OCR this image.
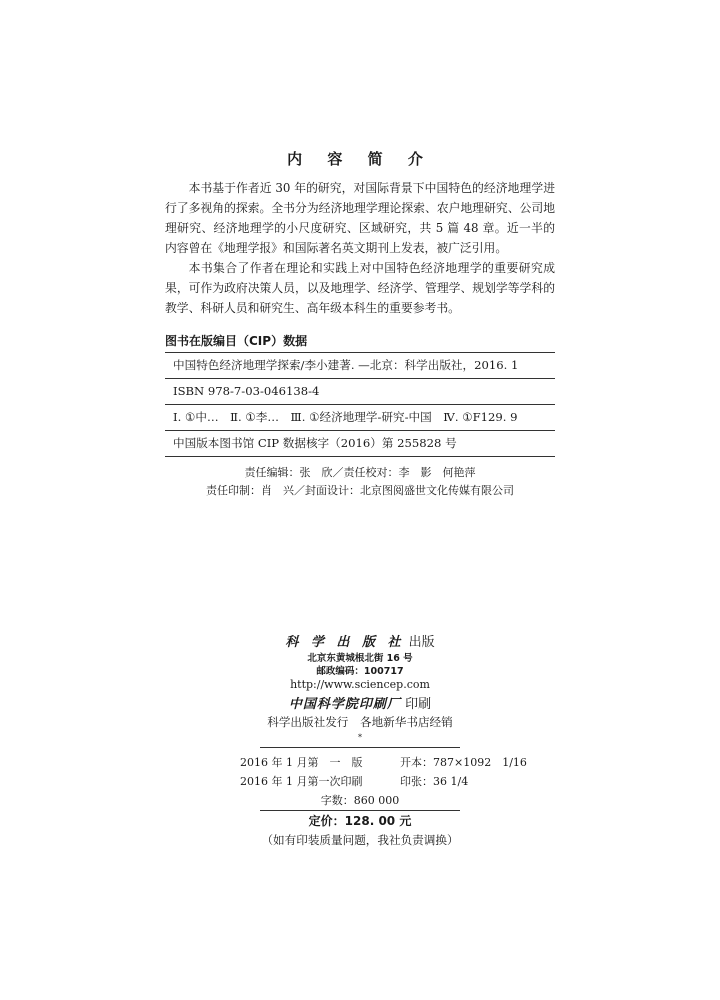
内 容 简 介

本书基于作者近 30 年的研究，对国际背景下中国特色的经济地理学进行了多视角的探索。全书分为经济地理学理论探索、农户地理研究、公司地理研究、经济地理学的小尺度研究、区域研究，共 5 篇 48 章。近一半的内容曾在《地理学报》和国际著名英文期刊上发表，被广泛引用。

本书集合了作者在理论和实践上对中国特色经济地理学的重要研究成果，可作为政府决策人员，以及地理学、经济学、管理学、规划学等学科的教学、科研人员和研究生、高年级本科生的重要参考书。

图书在版编目（CIP）数据
中国特色经济地理学探索/李小建著. —北京：科学出版社，2016. 1
ISBN 978-7-03-046138-4
Ⅰ. ①中…　Ⅱ. ①李…　Ⅲ. ①经济地理学-研究-中国　Ⅳ. ①F129. 9
中国版本图书馆 CIP 数据核字（2016）第 255828 号
责任编辑：张　欣／责任校对：李　影　何艳萍
责任印制：肖　兴／封面设计：北京图阅盛世文化传媒有限公司
科 学 出 版 社 出版
北京东黄城根北街 16 号
邮政编码：100717
http://www.sciencep.com
中国科学院印刷厂 印刷
科学出版社发行　各地新华书店经销
*
2016 年 1 月第　一　版	开本：787×1092　1/16
2016 年 1 月第一次印刷	印张：36 1/4
字数：860 000
定价：128. 00 元
（如有印装质量问题，我社负责调换）
